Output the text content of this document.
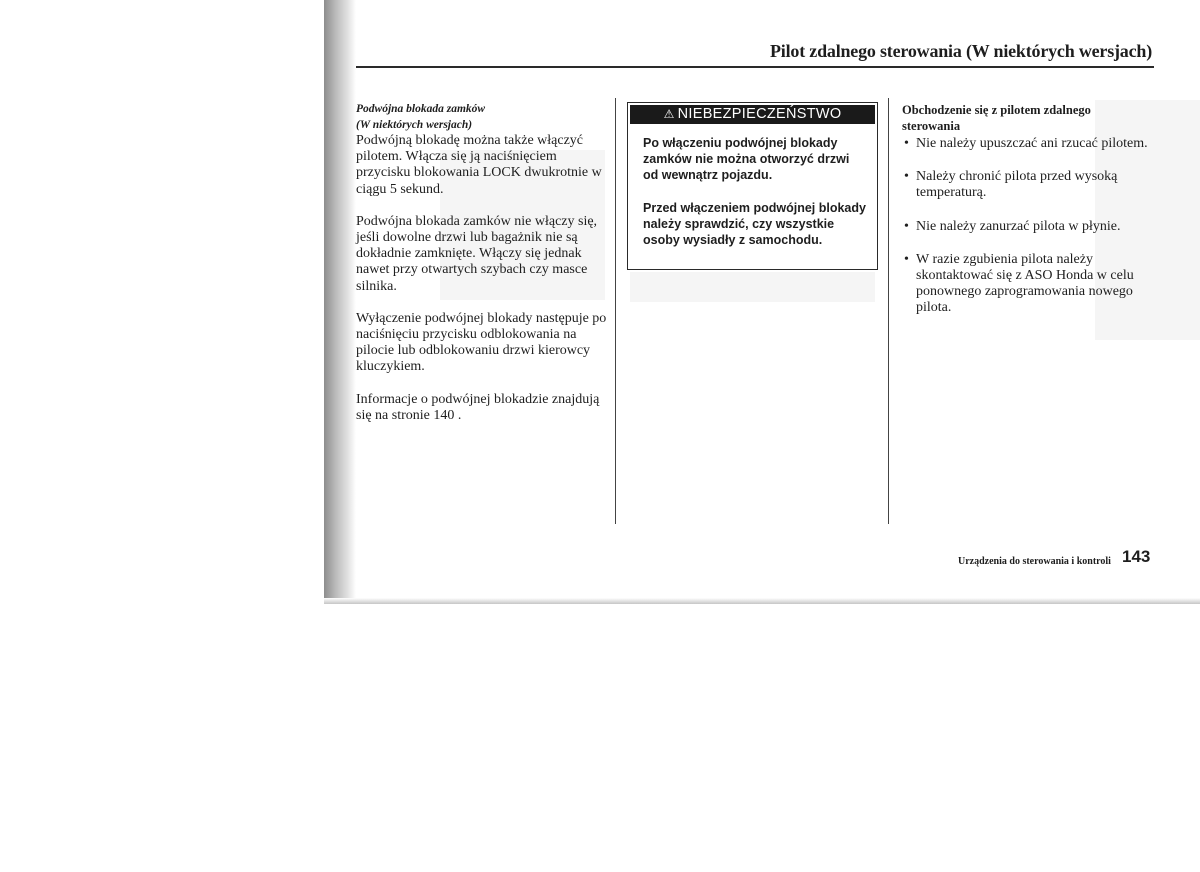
Pilot zdalnego sterowania (W niektórych wersjach)
Podwójna blokada zamków
(W niektórych wersjach)

Podwójną blokadę można także włączyć pilotem. Włącza się ją naciśnięciem przycisku blokowania LOCK dwukrotnie w ciągu 5 sekund.

Podwójna blokada zamków nie włączy się, jeśli dowolne drzwi lub bagażnik nie są dokładnie zamknięte. Włączy się jednak nawet przy otwartych szybach czy masce silnika.

Wyłączenie podwójnej blokady następuje po naciśnięciu przycisku odblokowania na pilocie lub odblokowaniu drzwi kierowcy kluczykiem.

Informacje o podwójnej blokadzie znajdują się na stronie 140 .

⚠ NIEBEZPIECZEŃSTWO

Po włączeniu podwójnej blokady zamków nie można otworzyć drzwi od wewnątrz pojazdu.

Przed włączeniem podwójnej blokady należy sprawdzić, czy wszystkie osoby wysiadły z samochodu.

Obchodzenie się z pilotem zdalnego
sterowania
• Nie należy upuszczać ani rzucać pilotem.
• Należy chronić pilota przed wysoką temperaturą.
• Nie należy zanurzać pilota w płynie.
• W razie zgubienia pilota należy skontaktować się z ASO Honda w celu ponownego zaprogramowania nowego pilota.
Urządzenia do sterowania i kontroli 143
